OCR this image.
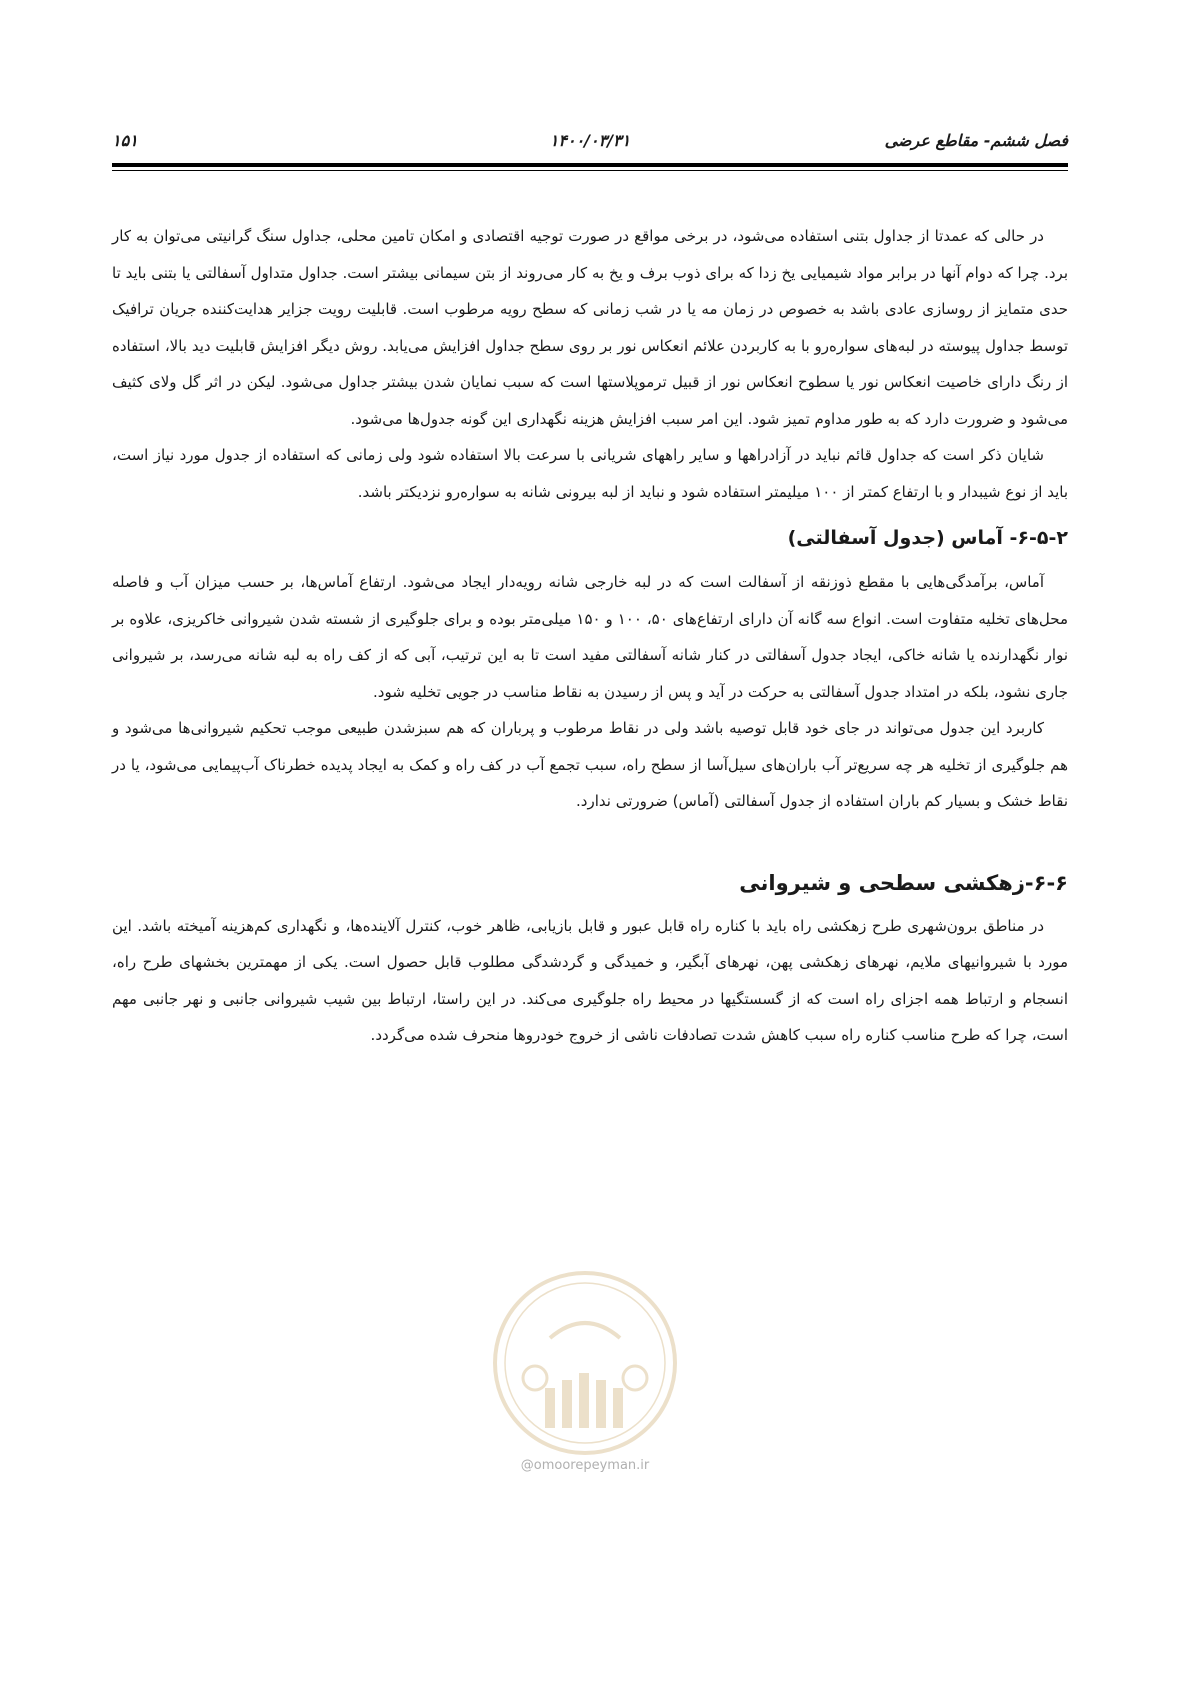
فصل ششم- مقاطع عرضی
۱۴۰۰/۰۳/۳۱
۱۵۱

در حالی که عمدتا از جداول بتنی استفاده می‌شود، در برخی مواقع در صورت توجیه اقتصادی و امکان تامین محلی، جداول سنگ گرانیتی می‌توان به کار برد. چرا که دوام آنها در برابر مواد شیمیایی یخ زدا که برای ذوب برف و یخ به کار می‌روند از بتن سیمانی بیشتر است. جداول متداول آسفالتی یا بتنی باید تا حدی متمایز از روسازی عادی باشد به خصوص در زمان مه یا در شب زمانی که سطح رویه مرطوب است. قابلیت رویت جزایر هدایت‌کننده جریان ترافیک توسط جداول پیوسته در لبه‌های سواره‌رو با به کاربردن علائم انعکاس نور بر روی سطح جداول افزایش می‌یابد. روش دیگر افزایش قابلیت دید بالا، استفاده از رنگ دارای خاصیت انعکاس نور یا سطوح انعکاس نور از قبیل ترموپلاستها است که سبب نمایان شدن بیشتر جداول می‌شود. لیکن در اثر گل ولای کثیف می‌شود و ضرورت دارد که به طور مداوم تمیز شود. این امر سبب افزایش هزینه نگهداری این گونه جدول‌ها می‌شود.

شایان ذکر است که جداول قائم نباید در آزادراهها و سایر راههای شریانی با سرعت بالا استفاده شود ولی زمانی که استفاده از جدول مورد نیاز است، باید از نوع شیبدار و با ارتفاع کمتر از ۱۰۰ میلیمتر استفاده شود و نباید از لبه بیرونی شانه به سواره‌رو نزدیکتر باشد.

۶-۵-۲- آماس (جدول آسفالتی)

آماس، برآمدگی‌هایی با مقطع ذوزنقه از آسفالت است که در لبه خارجی شانه رویه‌دار ایجاد می‌شود. ارتفاع آماس‌ها، بر حسب میزان آب و فاصله محل‌های تخلیه متفاوت است. انواع سه گانه آن دارای ارتفاع‌های ۵۰، ۱۰۰ و ۱۵۰ میلی‌متر بوده و برای جلوگیری از شسته شدن شیروانی خاکریزی، علاوه بر نوار نگهدارنده یا شانه خاکی، ایجاد جدول آسفالتی در کنار شانه آسفالتی مفید است تا به این ترتیب، آبی که از کف راه به لبه شانه می‌رسد، بر شیروانی جاری نشود، بلکه در امتداد جدول آسفالتی به حرکت در آید و پس از رسیدن به نقاط مناسب در جویی تخلیه شود.

کاربرد این جدول می‌تواند در جای خود قابل توصیه باشد ولی در نقاط مرطوب و پرباران که هم سبزشدن طبیعی موجب تحکیم شیروانی‌ها می‌شود و هم جلوگیری از تخلیه هر چه سریع‌تر آب باران‌های سیل‌آسا از سطح راه، سبب تجمع آب در کف راه و کمک به ایجاد پدیده خطرناک آب‌پیمایی می‌شود، یا در نقاط خشک و بسیار کم باران استفاده از جدول آسفالتی (آماس) ضرورتی ندارد.

۶-۶-زهکشی سطحی و شیروانی

در مناطق برون‌شهری طرح زهکشی راه باید با کناره راه قابل عبور و قابل بازیابی، ظاهر خوب، کنترل آلاینده‌ها، و نگهداری کم‌هزینه آمیخته باشد. این مورد با شیروانیهای ملایم، نهرهای زهکشی پهن، نهرهای آبگیر، و خمیدگی و گردشدگی مطلوب قابل حصول است. یکی از مهمترین بخشهای طرح راه، انسجام و ارتباط همه اجزای راه است که از گسستگیها در محیط راه جلوگیری می‌کند. در این راستا، ارتباط بین شیب شیروانی جانبی و نهر جانبی مهم است، چرا که طرح مناسب کناره راه سبب کاهش شدت تصادفات ناشی از خروج خودروها منحرف شده می‌گردد.

@omoorepeyman.ir
